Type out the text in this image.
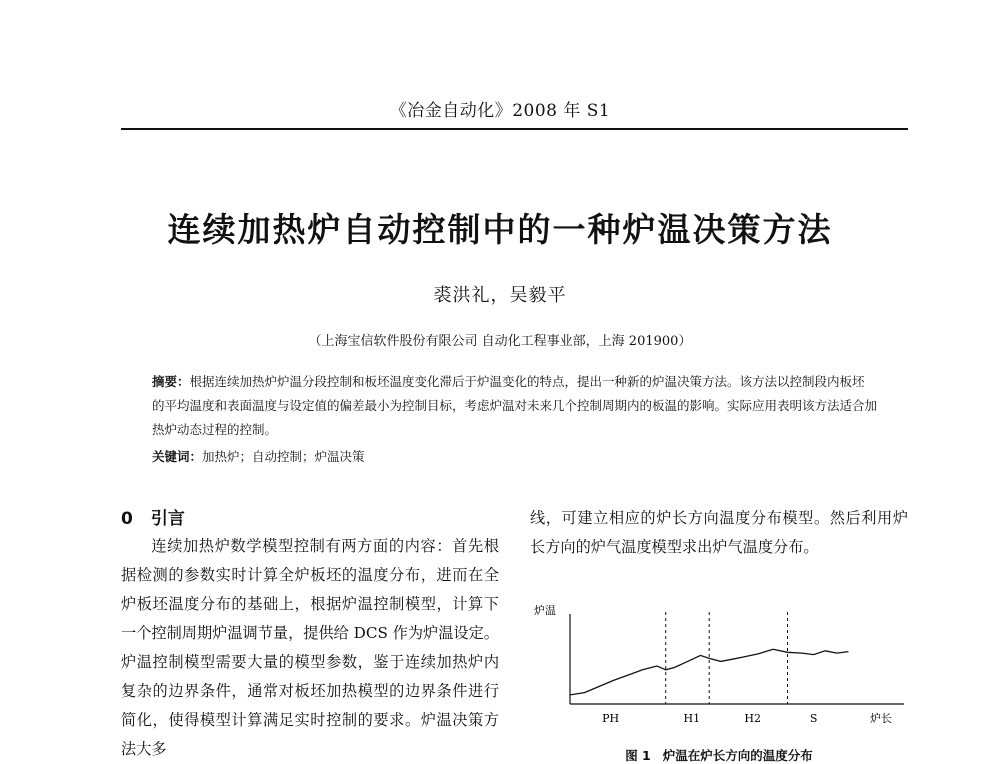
《冶金自动化》2008 年 S1
连续加热炉自动控制中的一种炉温决策方法
裘洪礼，吴毅平
（上海宝信软件股份有限公司 自动化工程事业部，上海 201900）
摘要：根据连续加热炉炉温分段控制和板坯温度变化滞后于炉温变化的特点，提出一种新的炉温决策方法。该方法以控制段内板坯的平均温度和表面温度与设定值的偏差最小为控制目标，考虑炉温对未来几个控制周期内的板温的影响。实际应用表明该方法适合加热炉动态过程的控制。
关键词：加热炉；自动控制；炉温决策
0 引言

连续加热炉数学模型控制有两方面的内容：首先根据检测的参数实时计算全炉板坯的温度分布，进而在全炉板坯温度分布的基础上，根据炉温控制模型，计算下一个控制周期炉温调节量，提供给 DCS 作为炉温设定。炉温控制模型需要大量的模型参数，鉴于连续加热炉内复杂的边界条件，通常对板坯加热模型的边界条件进行简化，使得模型计算满足实时控制的要求。炉温决策方法大多

线，可建立相应的炉长方向温度分布模型。然后利用炉长方向的炉气温度模型求出炉气温度分布。

炉温
炉长
PH	H1	H2	S
图 1 炉温在炉长方向的温度分布
